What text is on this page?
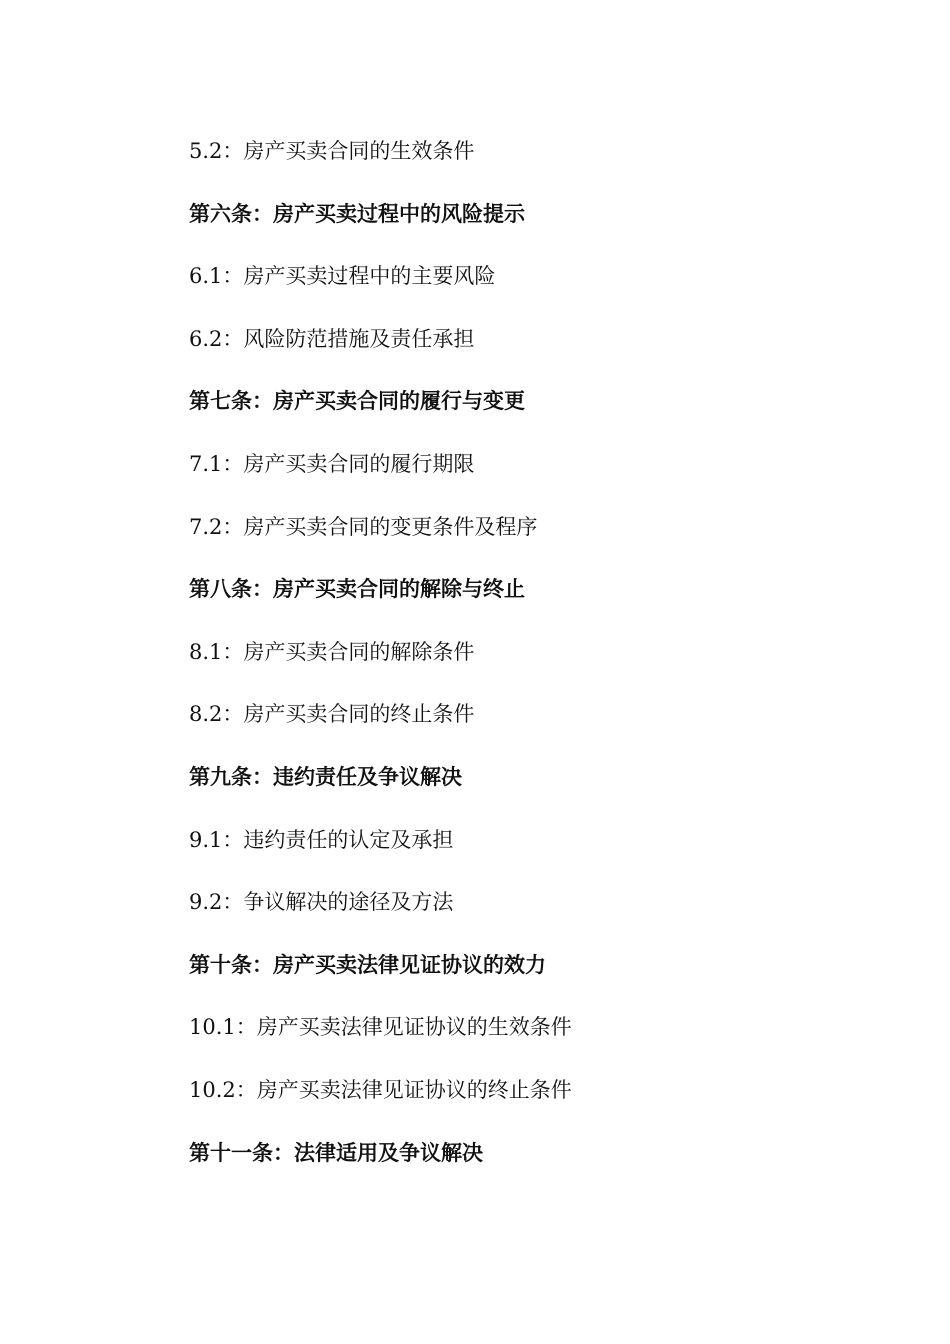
5.2：房产买卖合同的生效条件
第六条：房产买卖过程中的风险提示
6.1：房产买卖过程中的主要风险
6.2：风险防范措施及责任承担
第七条：房产买卖合同的履行与变更
7.1：房产买卖合同的履行期限
7.2：房产买卖合同的变更条件及程序
第八条：房产买卖合同的解除与终止
8.1：房产买卖合同的解除条件
8.2：房产买卖合同的终止条件
第九条：违约责任及争议解决
9.1：违约责任的认定及承担
9.2：争议解决的途径及方法
第十条：房产买卖法律见证协议的效力
10.1：房产买卖法律见证协议的生效条件
10.2：房产买卖法律见证协议的终止条件
第十一条：法律适用及争议解决
